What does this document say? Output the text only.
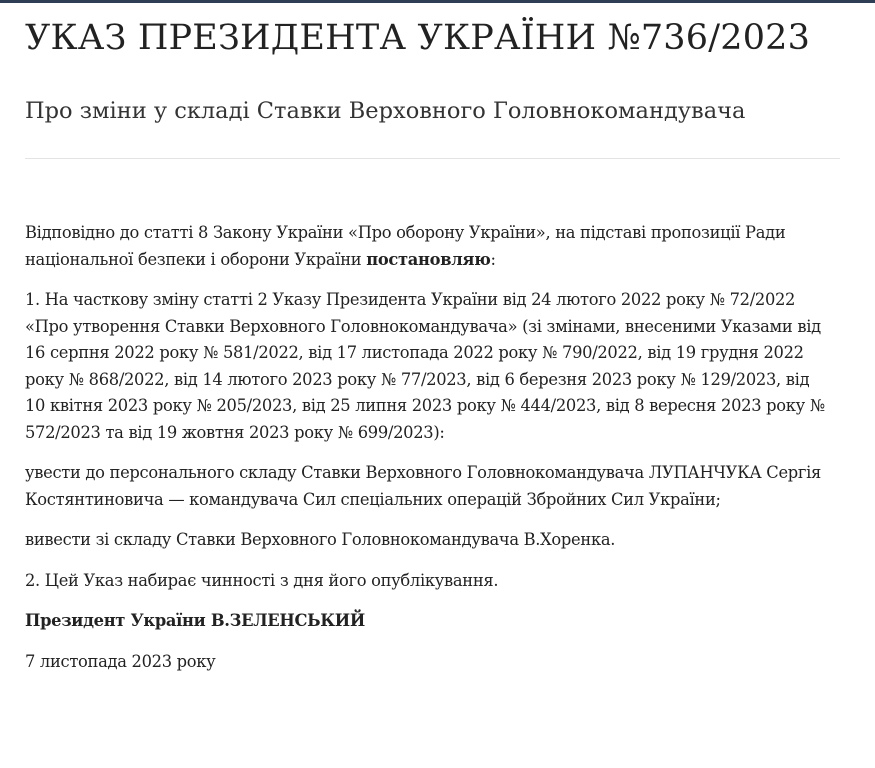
УКАЗ ПРЕЗИДЕНТА УКРАЇНИ №736/2023
Про зміни у складі Ставки Верховного Головнокомандувача

Відповідно до статті 8 Закону України «Про оборону України», на підставі пропозиції Ради національної безпеки і оборони України постановляю:

1. На часткову зміну статті 2 Указу Президента України від 24 лютого 2022 року № 72/2022 «Про утворення Ставки Верховного Головнокомандувача» (зі змінами, внесеними Указами від 16 серпня 2022 року № 581/2022, від 17 листопада 2022 року № 790/2022, від 19 грудня 2022 року № 868/2022, від 14 лютого 2023 року № 77/2023, від 6 березня 2023 року № 129/2023, від 10 квітня 2023 року № 205/2023, від 25 липня 2023 року № 444/2023, від 8 вересня 2023 року № 572/2023 та від 19 жовтня 2023 року № 699/2023):

увести до персонального складу Ставки Верховного Головнокомандувача ЛУПАНЧУКА Сергія Костянтиновича — командувача Сил спеціальних операцій Збройних Сил України;

вивести зі складу Ставки Верховного Головнокомандувача В.Хоренка.

2. Цей Указ набирає чинності з дня його опублікування.

Президент України В.ЗЕЛЕНСЬКИЙ

7 листопада 2023 року
